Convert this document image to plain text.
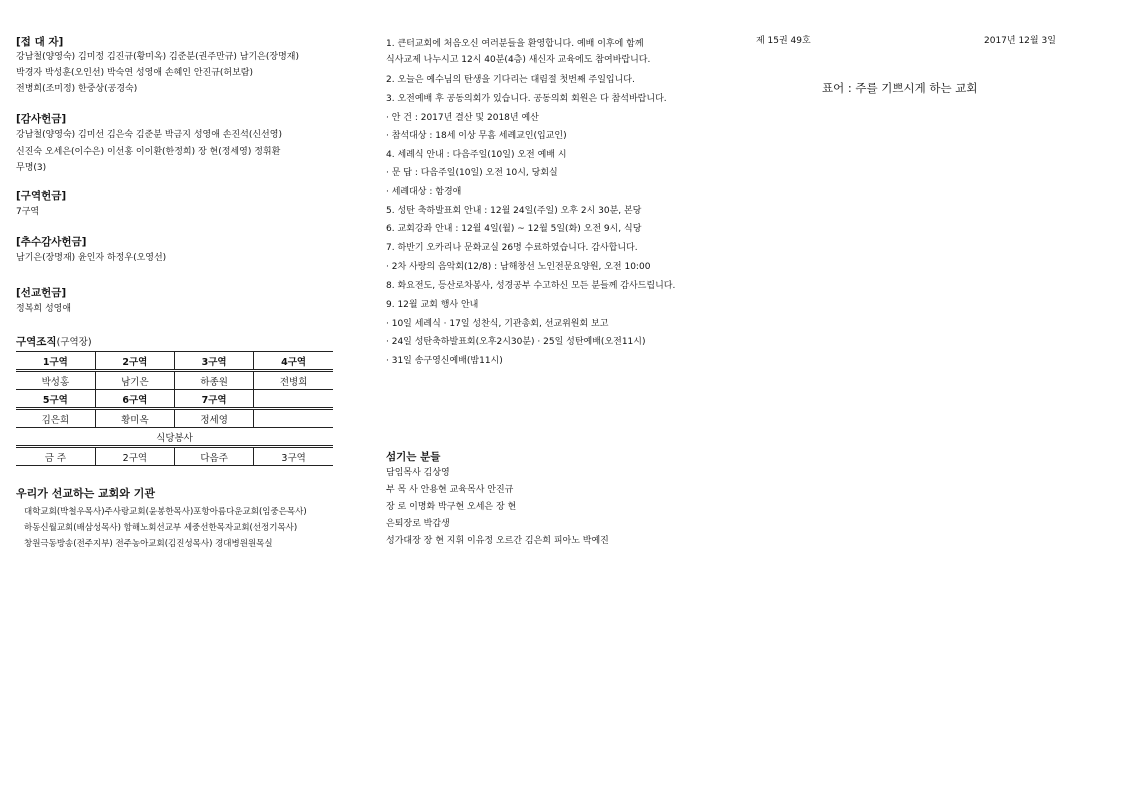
[접 대 자]
강남철(양영숙) 김미정 김진규(황미옥) 김준분(권주만규) 남기은(장명재)
박경자 박성훈(오인선) 박숙연 성영애 손혜인 안진규(허보람)
전병희(조미정) 한중상(공경숙)
[감사헌금]
강남철(양영숙) 김미선 김은숙 김준분 박금지 성영애 손진석(신선영)
신진숙 오세은(이수은) 이선홍 이이환(한정희) 장 현(정세영) 정휘환
무명(3)
[구역헌금]
7구역
[추수감사헌금]
남기은(장명재) 윤인자 하정우(오영선)
[선교헌금]
정복희 성영애
구역조직(구역장)
1구역	2구역	3구역	4구역
박성홍	남기은	하종원	전병희
5구역	6구역	7구역	
김은희	황미옥	정세영	
식당봉사			
금 주	2구역	다음주	3구역
우리가 선교하는 교회와 기관
대학교회(박철우목사)주사랑교회(윤봉한목사)포항아름다운교회(임중은목사)
하동신월교회(배삼성목사) 함해노회선교부 세중선한목자교회(선정기목사)
창원극동방송(전주지부) 전주농아교회(김진성목사) 경대병원원목실
1. 큰터교회에 처음오신 여러분들을 환영합니다. 예배 이후에 함께
식사교제 나누시고 12시 40분(4층) 새신자 교육에도 참여바랍니다.
2. 오늘은 예수님의 탄생을 기다리는 대림절 첫번째 주일입니다.
3. 오전예배 후 공동의회가 있습니다. 공동의회 회원은 다 참석바랍니다.
· 안 건 : 2017년 결산 및 2018년 예산
· 참석대상 : 18세 이상 무흠 세례교인(입교인)
4. 세례식 안내 : 다음주일(10일) 오전 예배 시
· 문 답 : 다음주일(10일) 오전 10시, 당회실
· 세례대상 : 함경애
5. 성탄 축하발표회 안내 : 12월 24일(주일) 오후 2시 30분, 본당
6. 교회강좌 안내 : 12월 4일(월) ~ 12월 5일(화) 오전 9시, 식당
7. 하반기 오카리나 문화교실 26명 수료하였습니다. 감사합니다.
· 2차 사랑의 음악회(12/8) : 남해창선 노인전문요양원, 오전 10:00
8. 화요전도, 등산로차봉사, 성경공부 수고하신 모든 분들께 감사드립니다.
9. 12월 교회 행사 안내
· 10일 세례식 · 17일 성찬식, 기관총회, 선교위원회 보고
· 24일 성탄축하발표회(오후2시30분) · 25일 성탄예배(오전11시)
· 31일 송구영신예배(밤11시)
섬기는 분들
담임목사 김상영
부 목 사 안용현 교육목사 안진규
장 로 이명화 박구현 오세은 장 현
은퇴장로 박갑생
성가대장 장 현 지휘 이유정 오르간 김은희 피아노 박예진
제 15권 49호	2017년 12월 3일
표어 : 주를 기쁘시게 하는 교회
